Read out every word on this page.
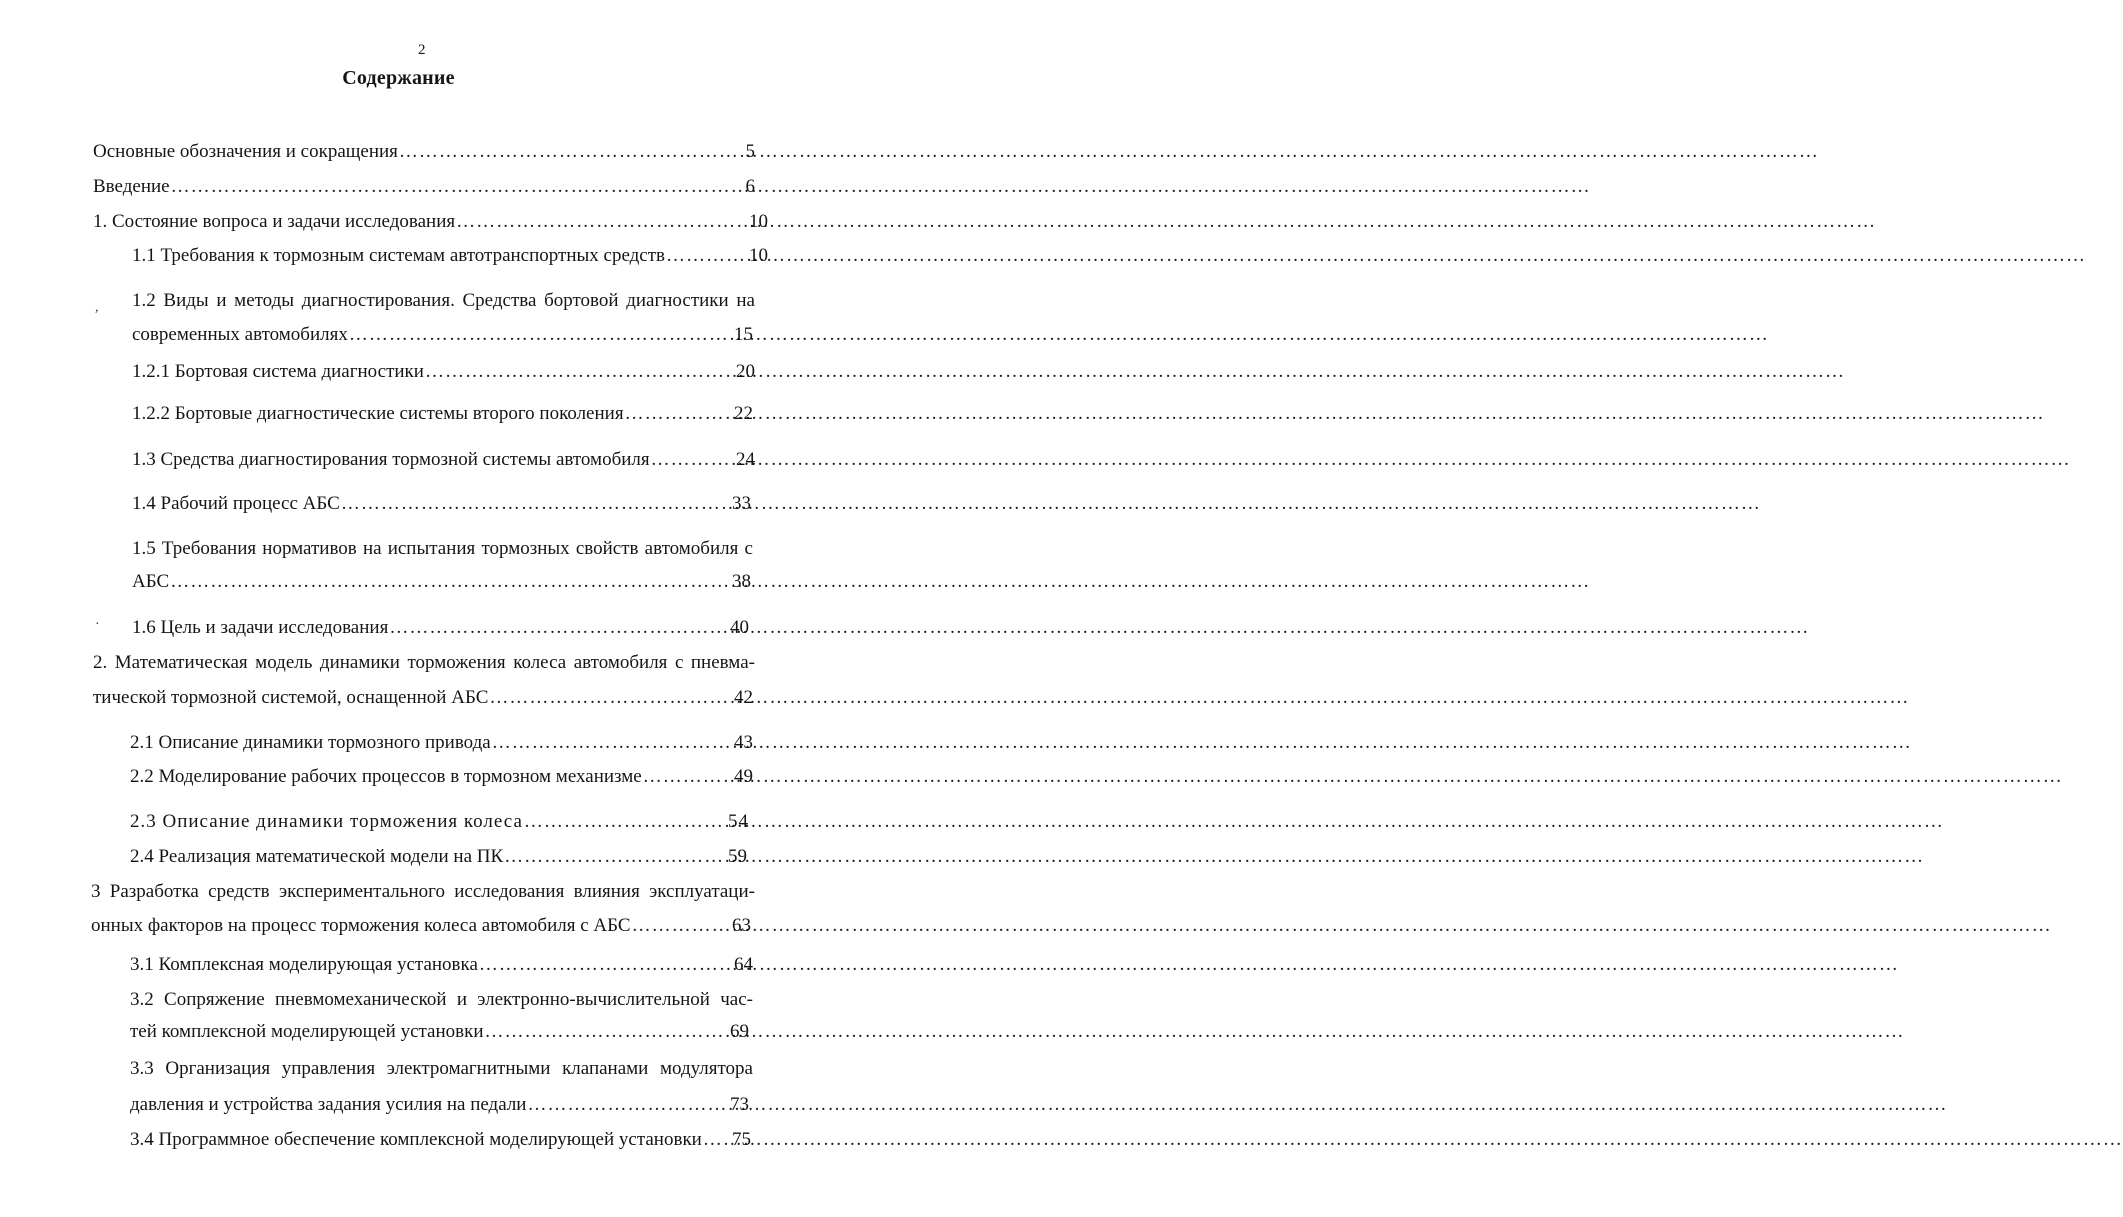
2
Содержание
Основные обозначения и сокращения ……………………………………………………………………………………………………………………………………………………………………………………………	5
Введение ……………………………………………………………………………………………………………………………………………………………………………………………	6
1. Состояние вопроса и задачи исследования ……………………………………………………………………………………………………………………………………………………………………………………………	10
1.1 Требования к тормозным системам автотранспортных средств ……………………………………………………………………………………………………………………………………………………………………………………………	10
1.2 Виды и методы диагностирования. Средства бортовой диагностики на
современных автомобилях ……………………………………………………………………………………………………………………………………………………………………………………………	15
1.2.1 Бортовая система диагностики ……………………………………………………………………………………………………………………………………………………………………………………………	20
1.2.2 Бортовые диагностические системы второго поколения ……………………………………………………………………………………………………………………………………………………………………………………………	22
1.3 Средства диагностирования тормозной системы автомобиля ……………………………………………………………………………………………………………………………………………………………………………………………	24
1.4 Рабочий процесс АБС ……………………………………………………………………………………………………………………………………………………………………………………………	33
1.5 Требования нормативов на испытания тормозных свойств автомобиля с
АБС ……………………………………………………………………………………………………………………………………………………………………………………………	38
1.6 Цель и задачи исследования ……………………………………………………………………………………………………………………………………………………………………………………………	40
2. Математическая модель динамики торможения колеса автомобиля с пневма-
тической тормозной системой, оснащенной АБС ……………………………………………………………………………………………………………………………………………………………………………………………	42
2.1 Описание динамики тормозного привода ……………………………………………………………………………………………………………………………………………………………………………………………	43
2.2 Моделирование рабочих процессов в тормозном механизме ……………………………………………………………………………………………………………………………………………………………………………………………	49
2.3 Описание динамики торможения колеса ……………………………………………………………………………………………………………………………………………………………………………………………	54
2.4 Реализация математической модели на ПК ……………………………………………………………………………………………………………………………………………………………………………………………	59
3 Разработка средств экспериментального исследования влияния эксплуатаци-
онных факторов на процесс торможения колеса автомобиля с АБС ……………………………………………………………………………………………………………………………………………………………………………………………	63
3.1 Комплексная моделирующая установка ……………………………………………………………………………………………………………………………………………………………………………………………	64
3.2 Сопряжение пневмомеханической и электронно-вычислительной час-
тей комплексной моделирующей установки ……………………………………………………………………………………………………………………………………………………………………………………………	69
3.3 Организация управления электромагнитными клапанами модулятора
давления и устройства задания усилия на педали ……………………………………………………………………………………………………………………………………………………………………………………………	73
3.4 Программное обеспечение комплексной моделирующей установки …………………………………………………………………………………………………………………………………………………………………………………………… 75
,
·
